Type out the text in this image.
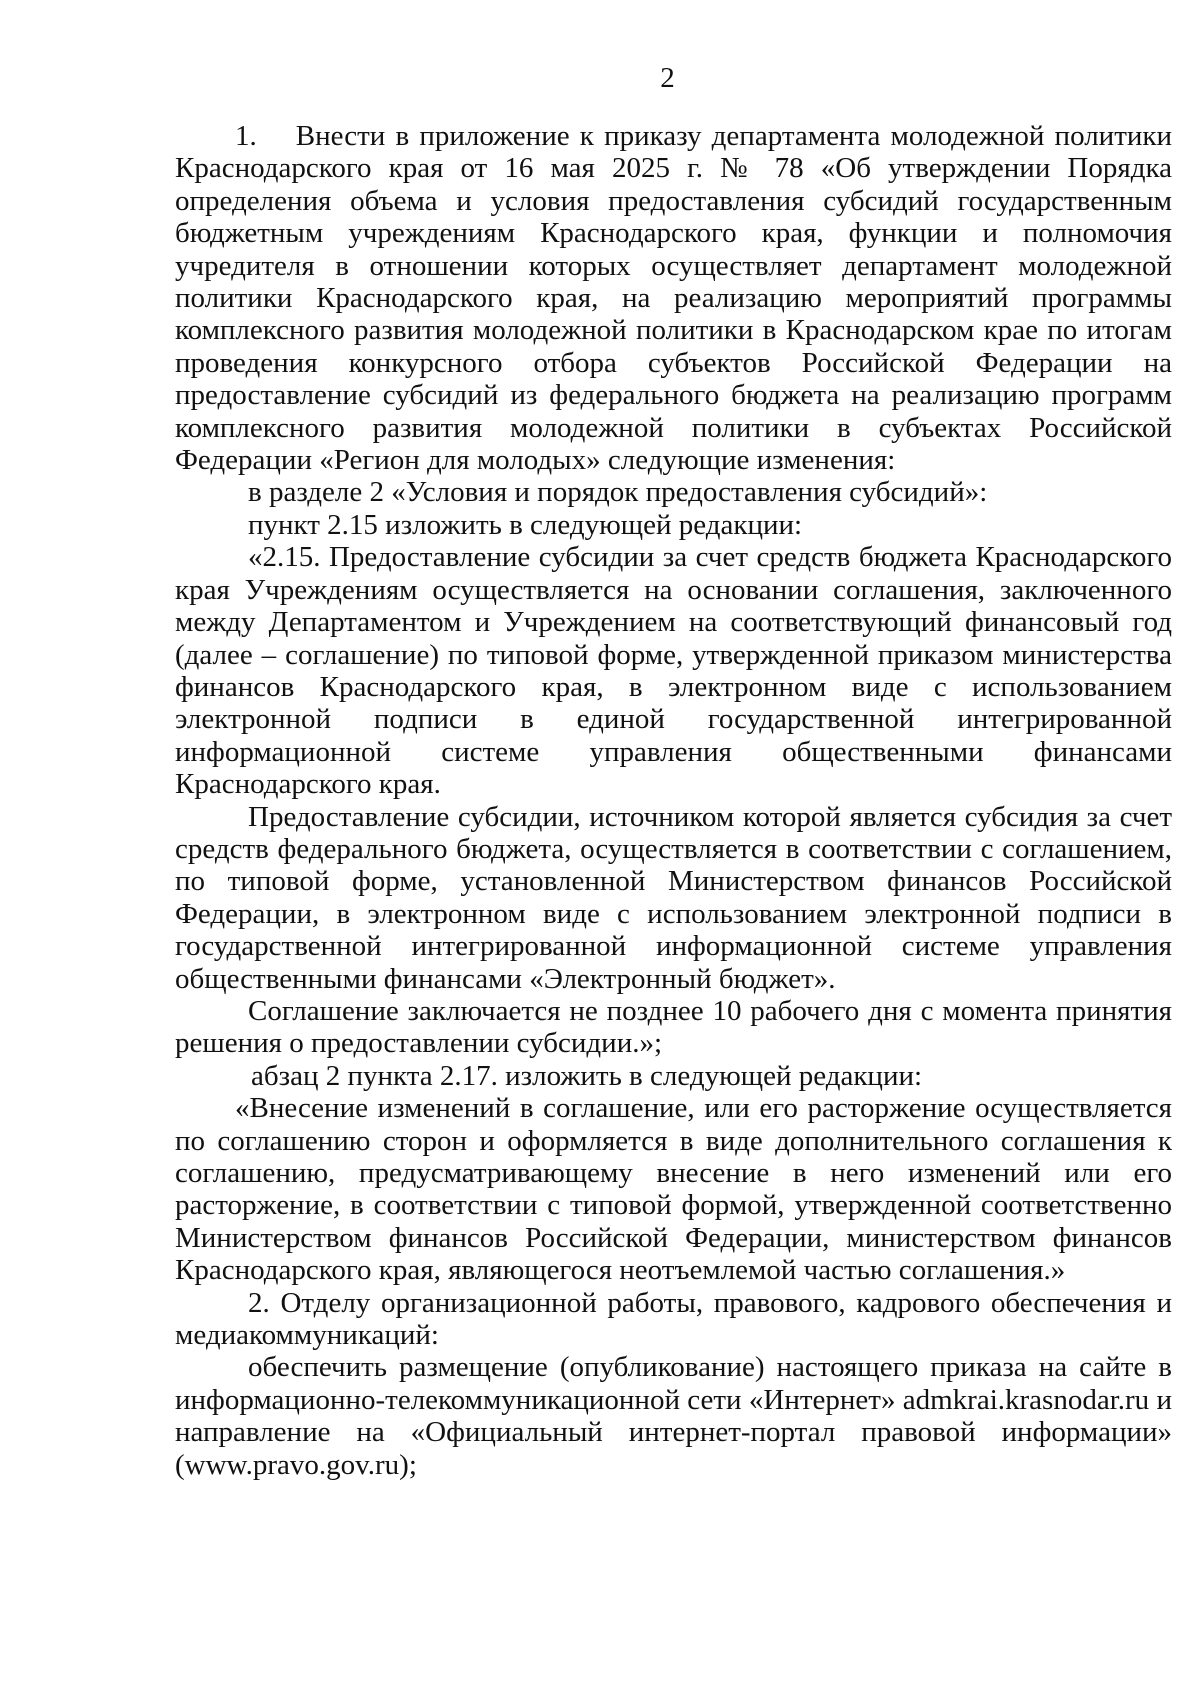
2

1. Внести в приложение к приказу департамента молодежной политики Краснодарского края от 16 мая 2025 г. № 78 «Об утверждении Порядка определения объема и условия предоставления субсидий государственным бюджетным учреждениям Краснодарского края, функции и полномочия учредителя в отношении которых осуществляет департамент молодежной политики Краснодарского края, на реализацию мероприятий программы комплексного развития молодежной политики в Краснодарском крае по итогам проведения конкурсного отбора субъектов Российской Федерации на предоставление субсидий из федерального бюджета на реализацию программ комплексного развития молодежной политики в субъектах Российской Федерации «Регион для молодых» следующие изменения:

в разделе 2 «Условия и порядок предоставления субсидий»:

пункт 2.15 изложить в следующей редакции:

«2.15. Предоставление субсидии за счет средств бюджета Краснодарского края Учреждениям осуществляется на основании соглашения, заключенного между Департаментом и Учреждением на соответствующий финансовый год (далее – соглашение) по типовой форме, утвержденной приказом министерства финансов Краснодарского края, в электронном виде с использованием электронной подписи в единой государственной интегрированной информационной системе управления общественными финансами Краснодарского края.

Предоставление субсидии, источником которой является субсидия за счет средств федерального бюджета, осуществляется в соответствии с соглашением, по типовой форме, установленной Министерством финансов Российской Федерации, в электронном виде с использованием электронной подписи в государственной интегрированной информационной системе управления общественными финансами «Электронный бюджет».

Соглашение заключается не позднее 10 рабочего дня с момента принятия решения о предоставлении субсидии.»;

абзац 2 пункта 2.17. изложить в следующей редакции:

«Внесение изменений в соглашение, или его расторжение осуществляется по соглашению сторон и оформляется в виде дополнительного соглашения к соглашению, предусматривающему внесение в него изменений или его расторжение, в соответствии с типовой формой, утвержденной соответственно Министерством финансов Российской Федерации, министерством финансов Краснодарского края, являющегося неотъемлемой частью соглашения.»

2. Отделу организационной работы, правового, кадрового обеспечения и медиакоммуникаций:

обеспечить размещение (опубликование) настоящего приказа на сайте в информационно-телекоммуникационной сети «Интернет» admkrai.krasnodar.ru и направление на «Официальный интернет-портал правовой информации» (www.pravo.gov.ru);
